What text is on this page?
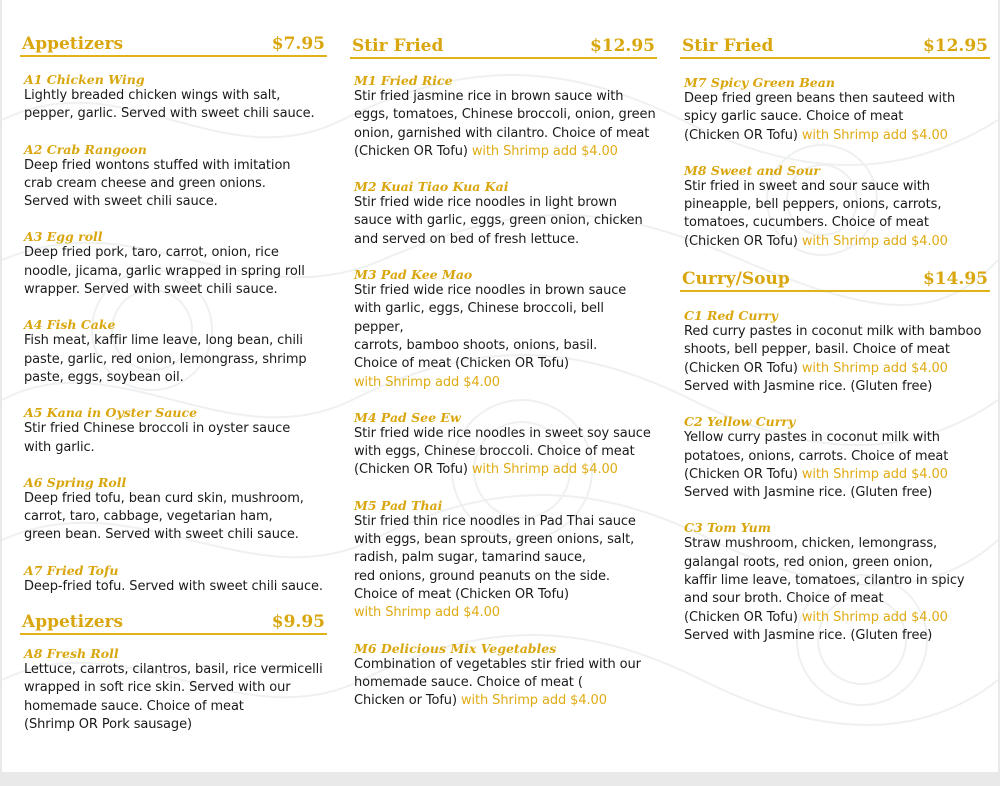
Appetizers	$7.95
A1 Chicken Wing
Lightly breaded chicken wings with salt,
pepper, garlic. Served with sweet chili sauce.
A2 Crab Rangoon
Deep fried wontons stuffed with imitation
crab cream cheese and green onions.
Served with sweet chili sauce.
A3 Egg roll
Deep fried pork, taro, carrot, onion, rice
noodle, jicama, garlic wrapped in spring roll
wrapper. Served with sweet chili sauce.
A4 Fish Cake
Fish meat, kaffir lime leave, long bean, chili
paste, garlic, red onion, lemongrass, shrimp
paste, eggs, soybean oil.
A5 Kana in Oyster Sauce
Stir fried Chinese broccoli in oyster sauce
with garlic.
A6 Spring Roll
Deep fried tofu, bean curd skin, mushroom,
carrot, taro, cabbage, vegetarian ham,
green bean. Served with sweet chili sauce.
A7 Fried Tofu
Deep-fried tofu. Served with sweet chili sauce.
Appetizers	$9.95
A8 Fresh Roll
Lettuce, carrots, cilantros, basil, rice vermicelli
wrapped in soft rice skin. Served with our
homemade sauce. Choice of meat
(Shrimp OR Pork sausage)
Stir Fried	$12.95
M1 Fried Rice
Stir fried jasmine rice in brown sauce with
eggs, tomatoes, Chinese broccoli, onion, green
onion, garnished with cilantro. Choice of meat
(Chicken OR Tofu) with Shrimp add $4.00
M2 Kuai Tiao Kua Kai
Stir fried wide rice noodles in light brown
sauce with garlic, eggs, green onion, chicken
and served on bed of fresh lettuce.
M3 Pad Kee Mao
Stir fried wide rice noodles in brown sauce
with garlic, eggs, Chinese broccoli, bell pepper,
carrots, bamboo shoots, onions, basil.
Choice of meat (Chicken OR Tofu)
with Shrimp add $4.00
M4 Pad See Ew
Stir fried wide rice noodles in sweet soy sauce
with eggs, Chinese broccoli. Choice of meat
(Chicken OR Tofu) with Shrimp add $4.00
M5 Pad Thai
Stir fried thin rice noodles in Pad Thai sauce
with eggs, bean sprouts, green onions, salt,
radish, palm sugar, tamarind sauce,
red onions, ground peanuts on the side.
Choice of meat (Chicken OR Tofu)
with Shrimp add $4.00
M6 Delicious Mix Vegetables
Combination of vegetables stir fried with our
homemade sauce. Choice of meat (
Chicken or Tofu) with Shrimp add $4.00
Stir Fried	$12.95
M7 Spicy Green Bean
Deep fried green beans then sauteed with
spicy garlic sauce. Choice of meat
(Chicken OR Tofu) with Shrimp add $4.00
M8 Sweet and Sour
Stir fried in sweet and sour sauce with
pineapple, bell peppers, onions, carrots,
tomatoes, cucumbers. Choice of meat
(Chicken OR Tofu) with Shrimp add $4.00
Curry/Soup	$14.95
C1 Red Curry
Red curry pastes in coconut milk with bamboo
shoots, bell pepper, basil. Choice of meat
(Chicken OR Tofu) with Shrimp add $4.00
Served with Jasmine rice. (Gluten free)
C2 Yellow Curry
Yellow curry pastes in coconut milk with
potatoes, onions, carrots. Choice of meat
(Chicken OR Tofu) with Shrimp add $4.00
Served with Jasmine rice. (Gluten free)
C3 Tom Yum
Straw mushroom, chicken, lemongrass,
galangal roots, red onion, green onion,
kaffir lime leave, tomatoes, cilantro in spicy
and sour broth. Choice of meat
(Chicken OR Tofu) with Shrimp add $4.00
Served with Jasmine rice. (Gluten free)
